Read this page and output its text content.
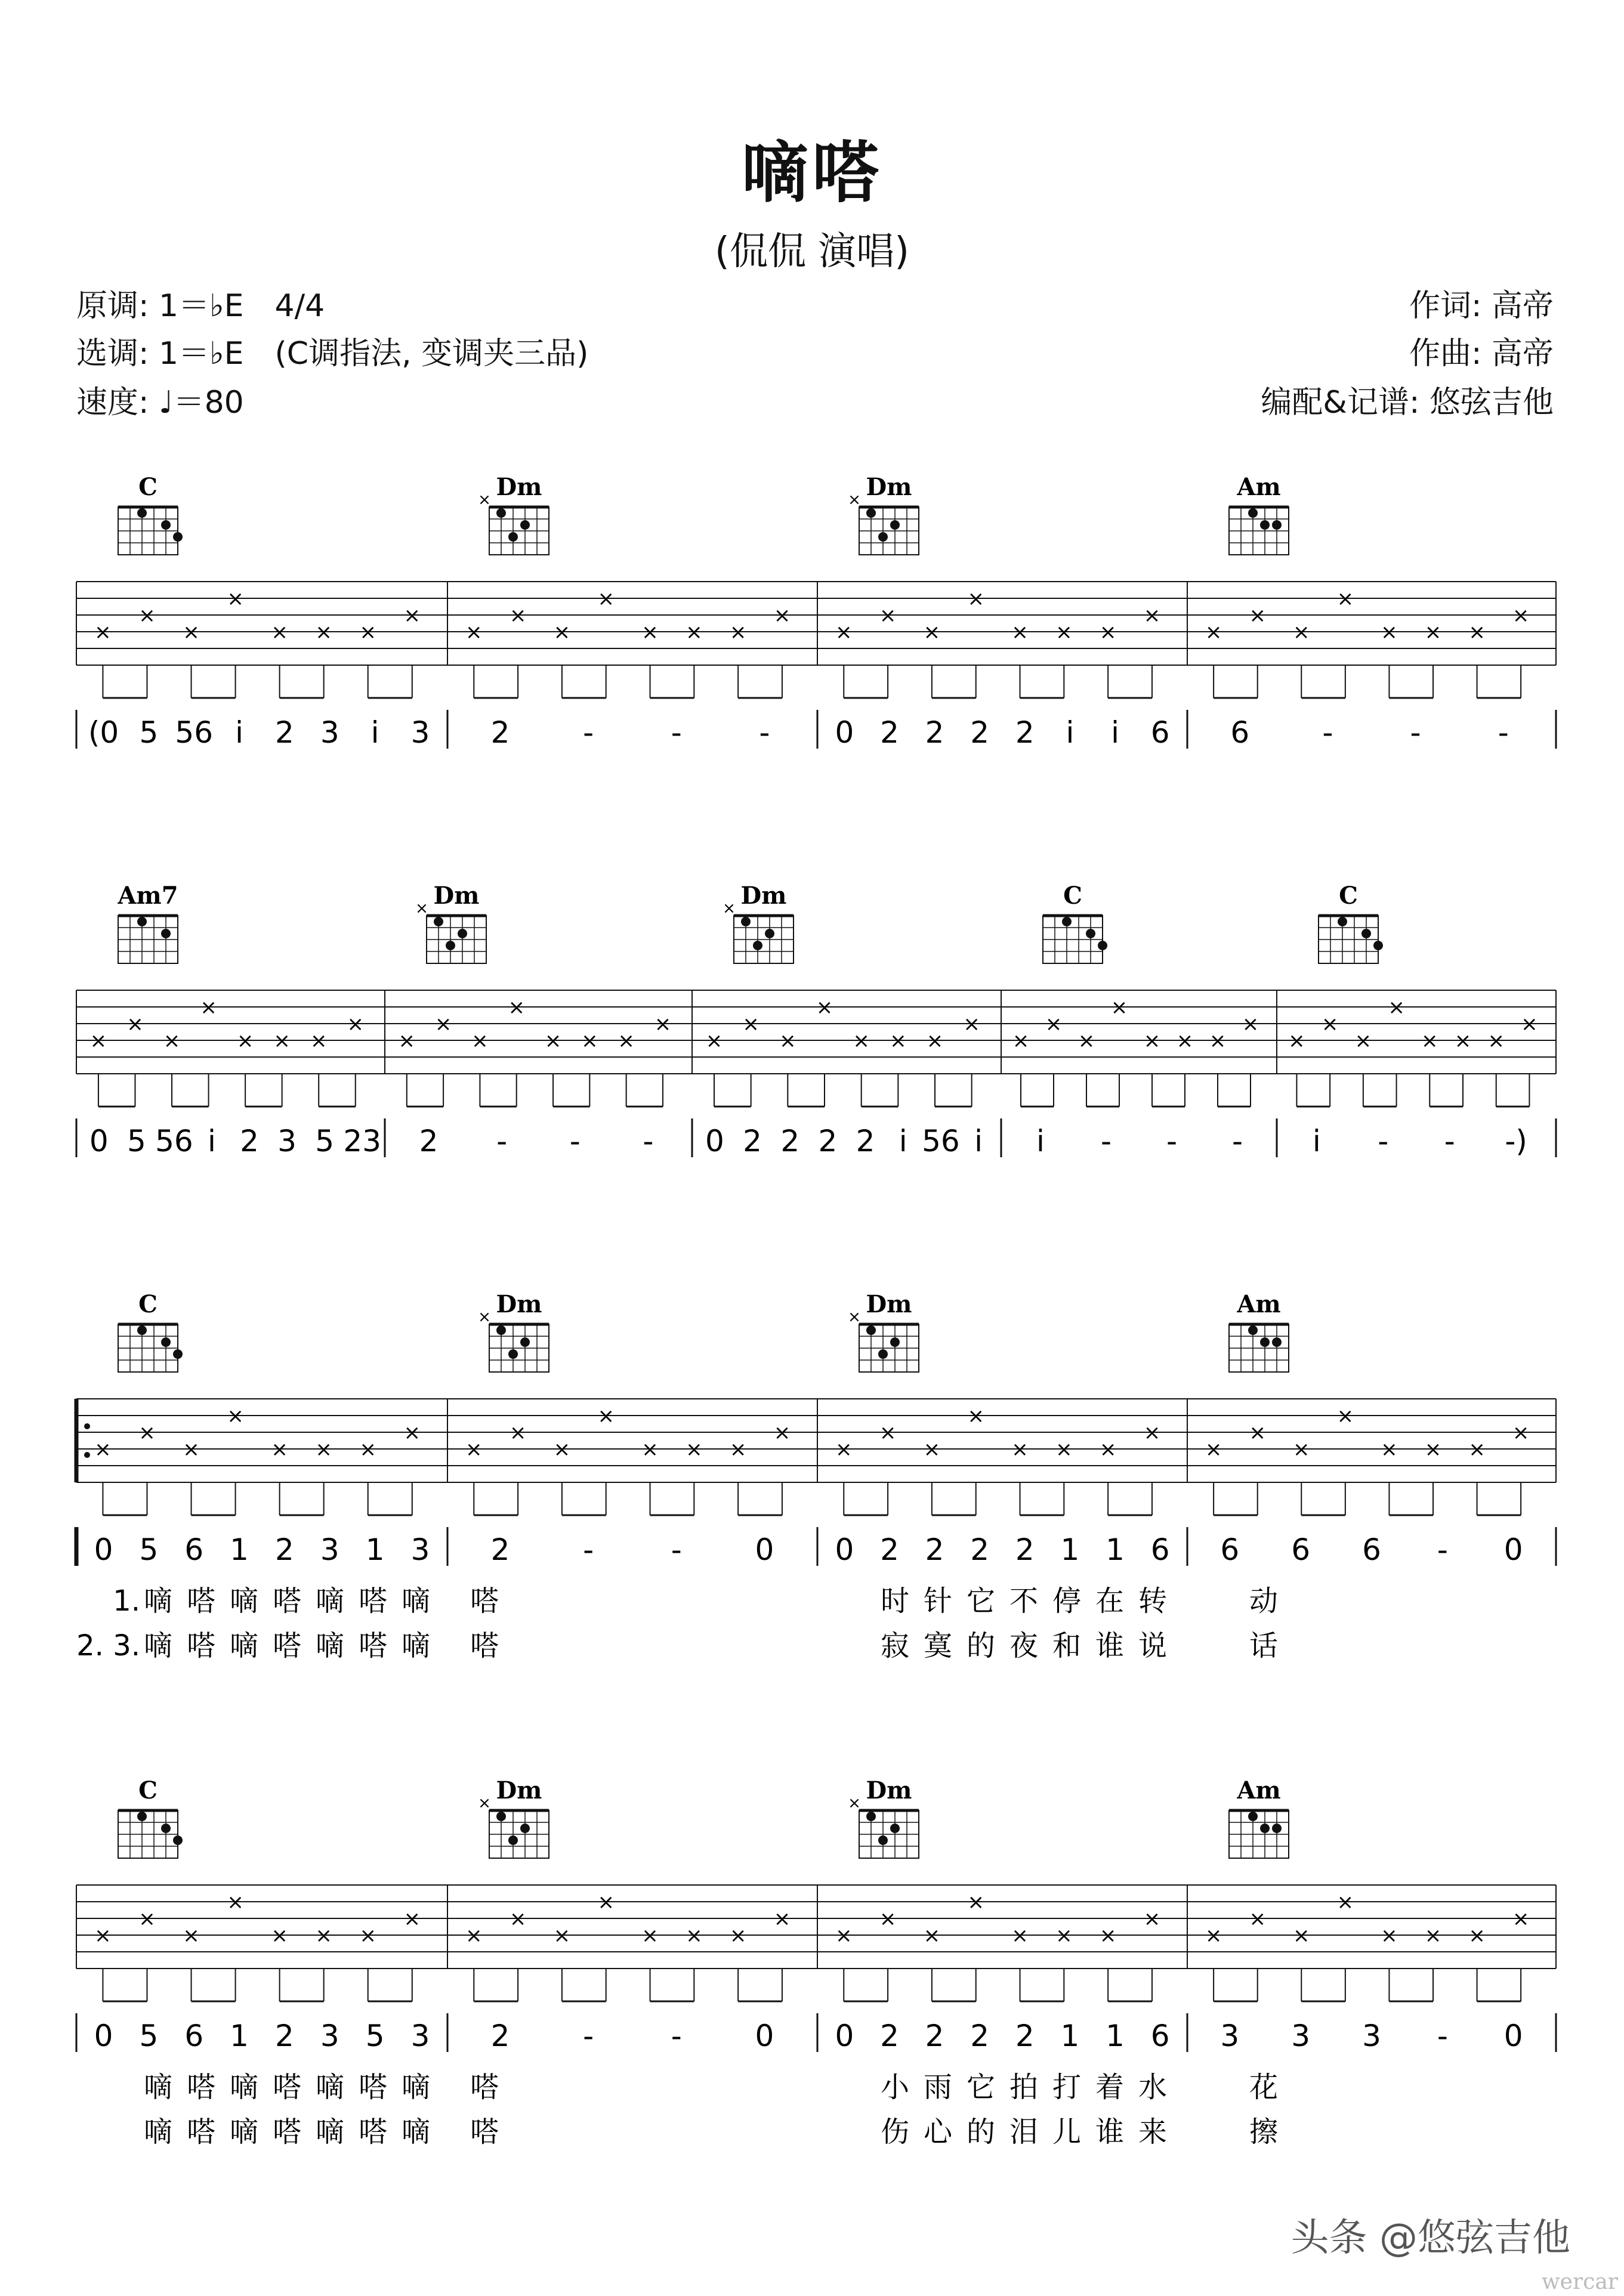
嘀嗒
(侃侃 演唱)
原调: 1＝♭E　4/4
选调: 1＝♭E　(C调指法, 变调夹三品)
速度: ♩＝80
作词: 高帝
作曲: 高帝
编配&记谱: 悠弦吉他
C
×
×
×
×
× × ×
×
(0 5 56 i 2 3 i 3
Dm
×
×
×
×
×
× × ×
×
2 -	-	-
Dm
×
×
×
×
×
× × ×
×
0 2 2 2 2 i i 6
Am
×
×
×
×
× × ×
×
6 -	-	-
Am7
×
×
×
×
× × ×
×
0 5 56 i 2 3 5 23
Dm
×
×
×
×
×
× × ×
×
2 - - -
Dm
×
×
×
×
×
× × ×
×
0 2 2 2 2 i 56 i
C
×
×
×
×
× × ×
×
i - - -
C
×
×
×
×
× × ×
×
i - - -)
C
×
×
×
×
× × ×
×
0 5 6 1 2 3 1 3
Dm
×
×
×
×
×
× × ×
×
2 -	- 0
Dm
×
×
×
×
×
× × ×
×
0 2 2 2 2 1 1 6
Am
×
×
×
×
× × ×
×
6 6 6 - 0
1. 嘀 嗒 嘀 嗒 嘀 嗒 嘀 嗒	时 针 它 不 停 在 转	动
2. 3. 嘀 嗒 嘀 嗒 嘀 嗒 嘀 嗒	寂 寞 的 夜 和 谁 说	话
C
×
×
×
×
× × ×
×
0 5 6 1 2 3 5 3
Dm
×
×
×
×
×
× × ×
×
2 -	- 0
Dm
×
×
×
×
×
× × ×
×
0 2 2 2 2 1 1 6
Am
×
×
×
×
× × ×
×
3 3 3 - 0
嘀 嗒 嘀 嗒 嘀 嗒 嘀 嗒	小 雨 它 拍 打 着 水	花
嘀 嗒 嘀 嗒 嘀 嗒 嘀 嗒	伤 心 的 泪 儿 谁 来	擦
头条 @悠弦吉他
wercar
